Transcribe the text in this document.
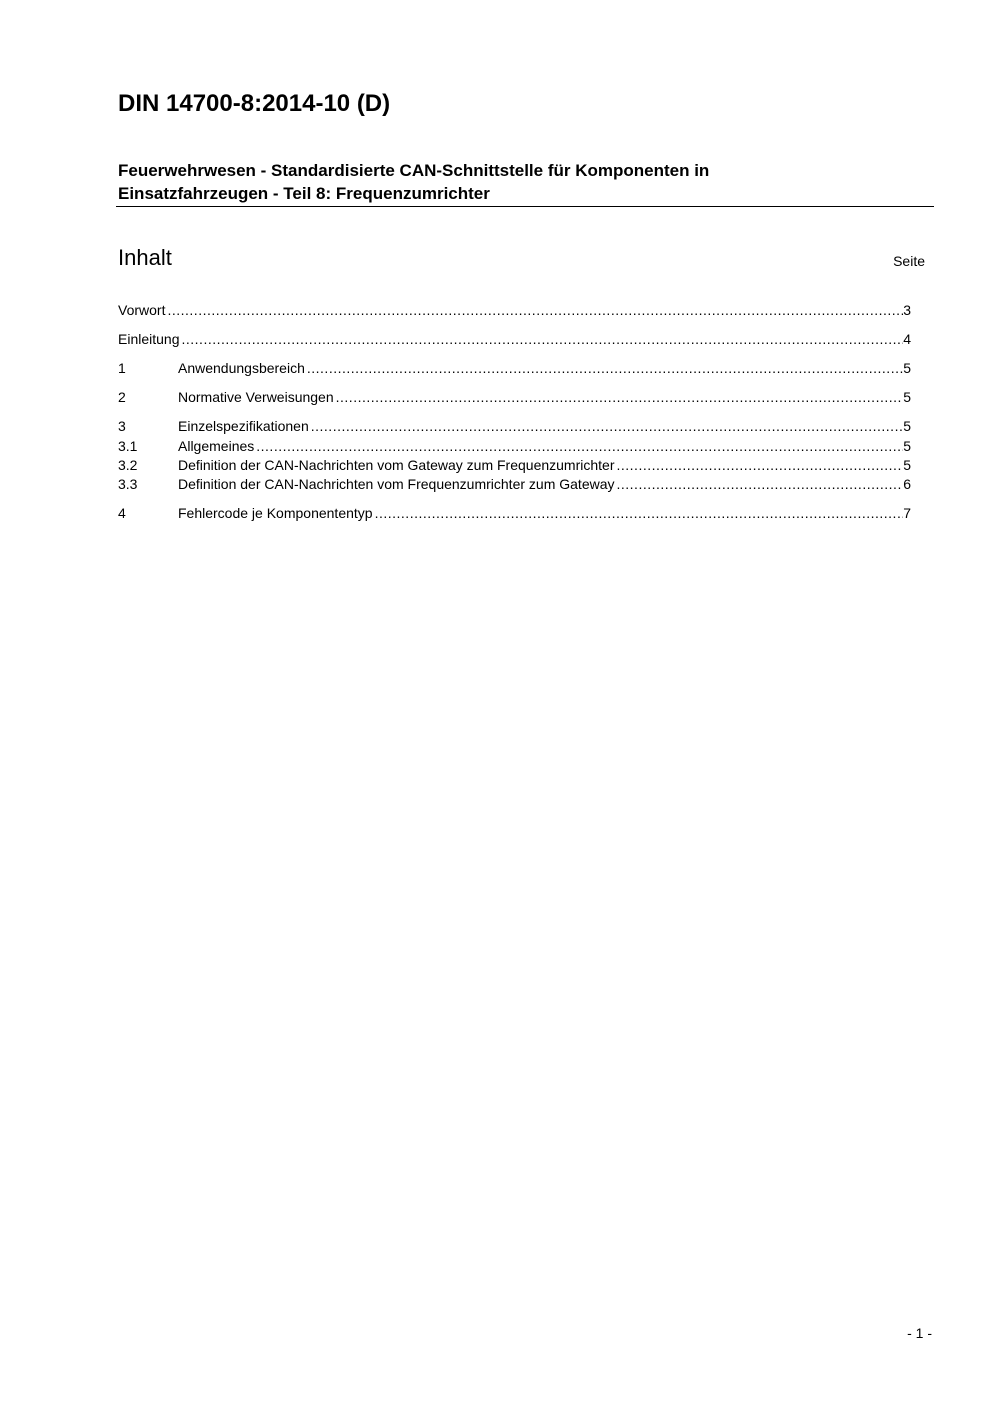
DIN 14700-8:2014-10 (D)
Feuerwehrwesen - Standardisierte CAN-Schnittstelle für Komponenten in
Einsatzfahrzeugen - Teil 8: Frequenzumrichter
Inhalt	Seite
Vorwort .....	3
Einleitung .....	4
1	Anwendungsbereich .....	5
2	Normative Verweisungen .....	5
3	Einzelspezifikationen .....	5
3.1	Allgemeines .....	5
3.2	Definition der CAN-Nachrichten vom Gateway zum Frequenzumrichter .....	5
3.3	Definition der CAN-Nachrichten vom Frequenzumrichter zum Gateway .....	6
4	Fehlercode je Komponententyp .....	7
- 1 -
